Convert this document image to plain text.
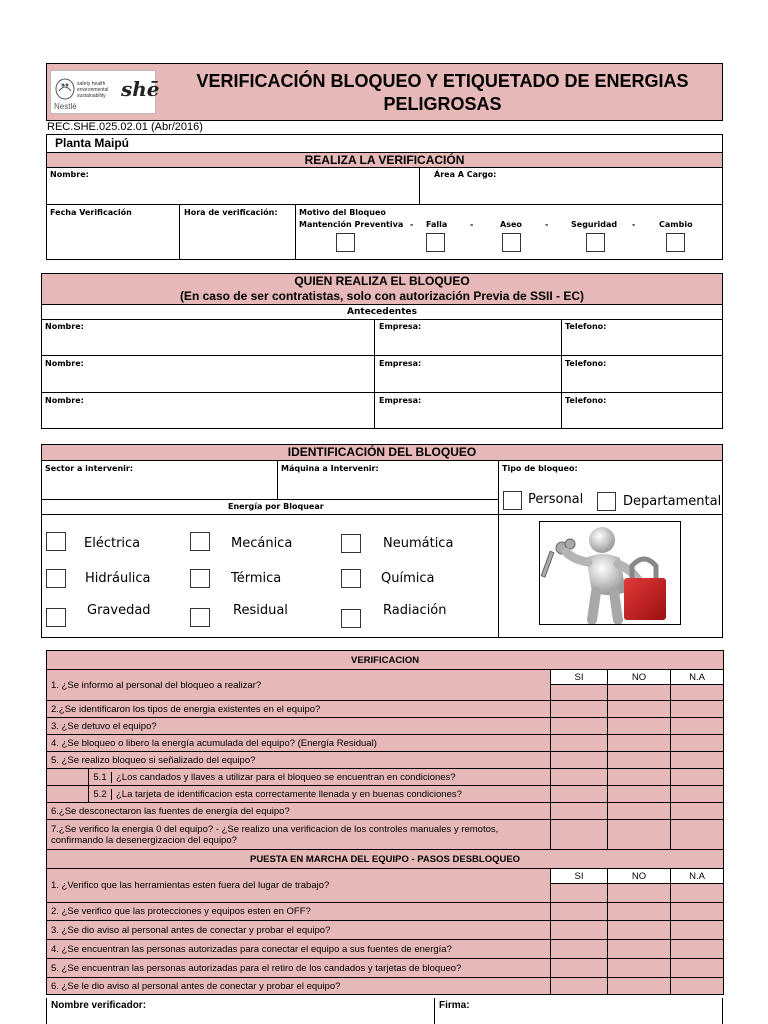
Nestlé
safety health environmental sustainability shē	VERIFICACIÓN BLOQUEO Y ETIQUETADO DE ENERGIAS PELIGROSAS
REC.SHE.025.02.01 (Abr/2016)
Planta Maipú
REALIZA LA VERIFICACIÓN
Nombre:	Área A Cargo:
Fecha Verificación	Hora de verificación:	Motivo del Bloqueo
Mantención Preventiva - Falla	-	Aseo	-	Seguridad -	Cambio
QUIEN REALIZA EL BLOQUEO
(En caso de ser contratistas, solo con autorización Previa de SSII - EC)
Antecedentes
Nombre:	Empresa:	Telefono:
Nombre:	Empresa:	Telefono:
Nombre:	Empresa:	Telefono:
IDENTIFICACIÓN DEL BLOQUEO
Sector a intervenir:	Máquina a Intervenir:	Tipo de bloqueo:
Energía por Bloquear	Personal	Departamental
Eléctrica	Mecánica	Neumática
Hidráulica	Térmica	Química
Gravedad	Residual	Radiación
VERIFICACION				
1. ¿Se informo al personal del bloqueo a realizar?		SI	NO	N.A

2.¿Se identificaron los tipos de energia existentes en el equipo?				
3. ¿Se detuvo el equipo?				
4. ¿Se bloqueo o libero la energía acumulada del equipo? (Energía Residual)				
5. ¿Se realizo bloqueo si señalizado del equipo?				
	5.1 ¿Los candados y llaves a utilizar para el bloqueo se encuentran en condiciones?			
	5.2 ¿La tarjeta de identificacion esta correctamente llenada y en buenas condiciones?			
6.¿Se desconectaron las fuentes de energía del equipo?				
7.¿Se verifico la energia 0 del equipo? - ¿Se realizo una verificacion de los controles manuales y remotos, confirmando la desenergizacion del equipo?				
PUESTA EN MARCHA DEL EQUIPO - PASOS DESBLOQUEO				
1. ¿Verifico que las herramientas esten fuera del lugar de trabajo?		SI	NO	N.A

2. ¿Se verifico que las protecciones y equipos esten en OFF?				
3. ¿Se dio aviso al personal antes de conectar y probar el equipo?				
4. ¿Se encuentran las personas autorizadas para conectar el equipo a sus fuentes de energía?				
5. ¿Se encuentran las personas autorizadas para el retiro de los candados y tarjetas de bloqueo?				
6. ¿Se le dio aviso al personal antes de conectar y probar el equipo?				
Nombre verificador:	Firma:
